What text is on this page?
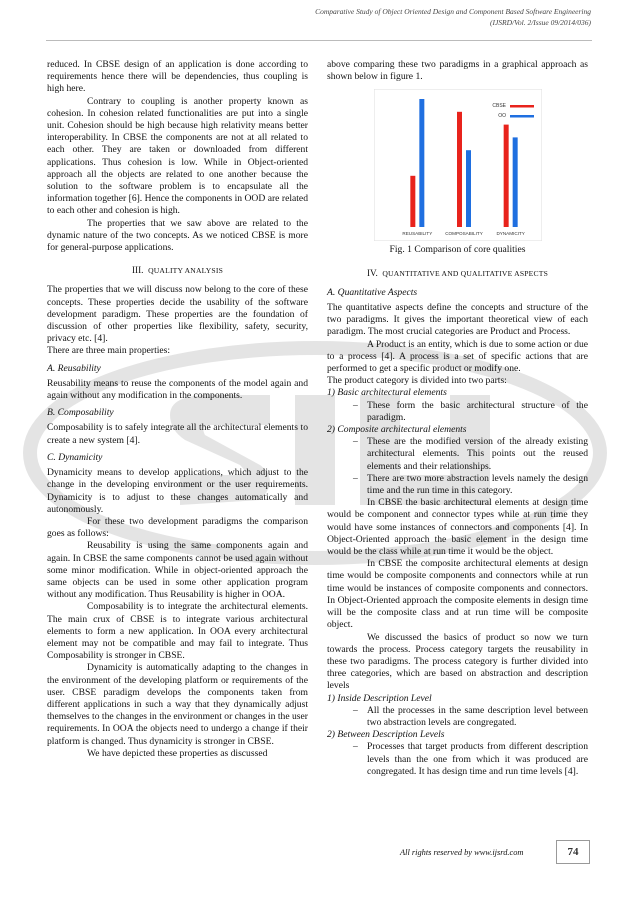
Comparative Study of Object Oriented Design and Component Based Software Engineering
(IJSRD/Vol. 2/Issue 09/2014/036)

reduced. In CBSE design of an application is done according to requirements hence there will be dependencies, thus coupling is high here.

Contrary to coupling is another property known as cohesion. In cohesion related functionalities are put into a single unit. Cohesion should be high because high relativity means better interoperability. In CBSE the components are not at all related to each other. They are taken or downloaded from different applications. Thus cohesion is low. While in Object-oriented approach all the objects are related to one another because the solution to the software problem is to encapsulate all the information together [6]. Hence the components in OOD are related to each other and cohesion is high.

The properties that we saw above are related to the dynamic nature of the two concepts. As we noticed CBSE is more for general-purpose applications.

III. QUALITY ANALYSIS

The properties that we will discuss now belong to the core of these concepts. These properties decide the usability of the software development paradigm. These properties are the foundation of discussion of other properties like flexibility, safety, security, privacy etc. [4].

There are three main properties:

A. Reusability

Reusability means to reuse the components of the model again and again without any modification in the components.

B. Composability

Composability is to safely integrate all the architectural elements to create a new system [4].

C. Dynamicity

Dynamicity means to develop applications, which adjust to the change in the developing environment or the user requirements. Dynamicity is to adjust to these changes automatically and autonomously.

For these two development paradigms the comparison goes as follows:

Reusability is using the same components again and again. In CBSE the same components cannot be used again without some minor modification. While in object-oriented approach the same objects can be used in some other application program without any modification. Thus Reusability is higher in OOA.

Composability is to integrate the architectural elements. The main crux of CBSE is to integrate various architectural elements to form a new application. In OOA every architectural element may not be compatible and may fail to integrate. Thus Composability is stronger in CBSE.

Dynamicity is automatically adapting to the changes in the environment of the developing platform or requirements of the user. CBSE paradigm develops the components taken from different applications in such a way that they dynamically adjust themselves to the changes in the environment or changes in the user requirements. In OOA the objects need to undergo a change if their platform is changed. Thus dynamicity is stronger in CBSE.

We have depicted these properties as discussed

above comparing these two paradigms in a graphical approach as shown below in figure 1.

CBSE
OO
REUSABILITY	COMPOSABILITY	DYNAMICITY
Fig. 1 Comparison of core qualities
IV. QUANTITATIVE AND QUALITATIVE ASPECTS
A. Quantitative Aspects

The quantitative aspects define the concepts and structure of the two paradigms. It gives the important theoretical view of each paradigm. The most crucial categories are Product and Process.

A Product is an entity, which is due to some action or due to a process [4]. A process is a set of specific actions that are performed to get a specific product or modify one.

The product category is divided into two parts:

1) Basic architectural elements
– These form the basic architectural structure of the paradigm.
2) Composite architectural elements
– These are the modified version of the already existing architectural elements. This points out the reused elements and their relationships.
– There are two more abstraction levels namely the design time and the run time in this category.

In CBSE the basic architectural elements at design time would be component and connector types while at run time they would have some instances of connectors and components [4]. In Object-Oriented approach the basic element in the design time would be the class while at run time it would be the object.

In CBSE the composite architectural elements at design time would be composite components and connectors while at run time would be instances of composite components and connectors. In Object-Oriented approach the composite elements in design time will be the composite class and at run time will be composite object.

We discussed the basics of product so now we turn towards the process. Process category targets the reusability in these two paradigms. The process category is further divided into three categories, which are based on abstraction and description levels

1) Inside Description Level
– All the processes in the same description level between two abstraction levels are congregated.
2) Between Description Levels
– Processes that target products from different description levels than the one from which it was produced are congregated. It has design time and run time levels [4].
All rights reserved by www.ijsrd.com	74
